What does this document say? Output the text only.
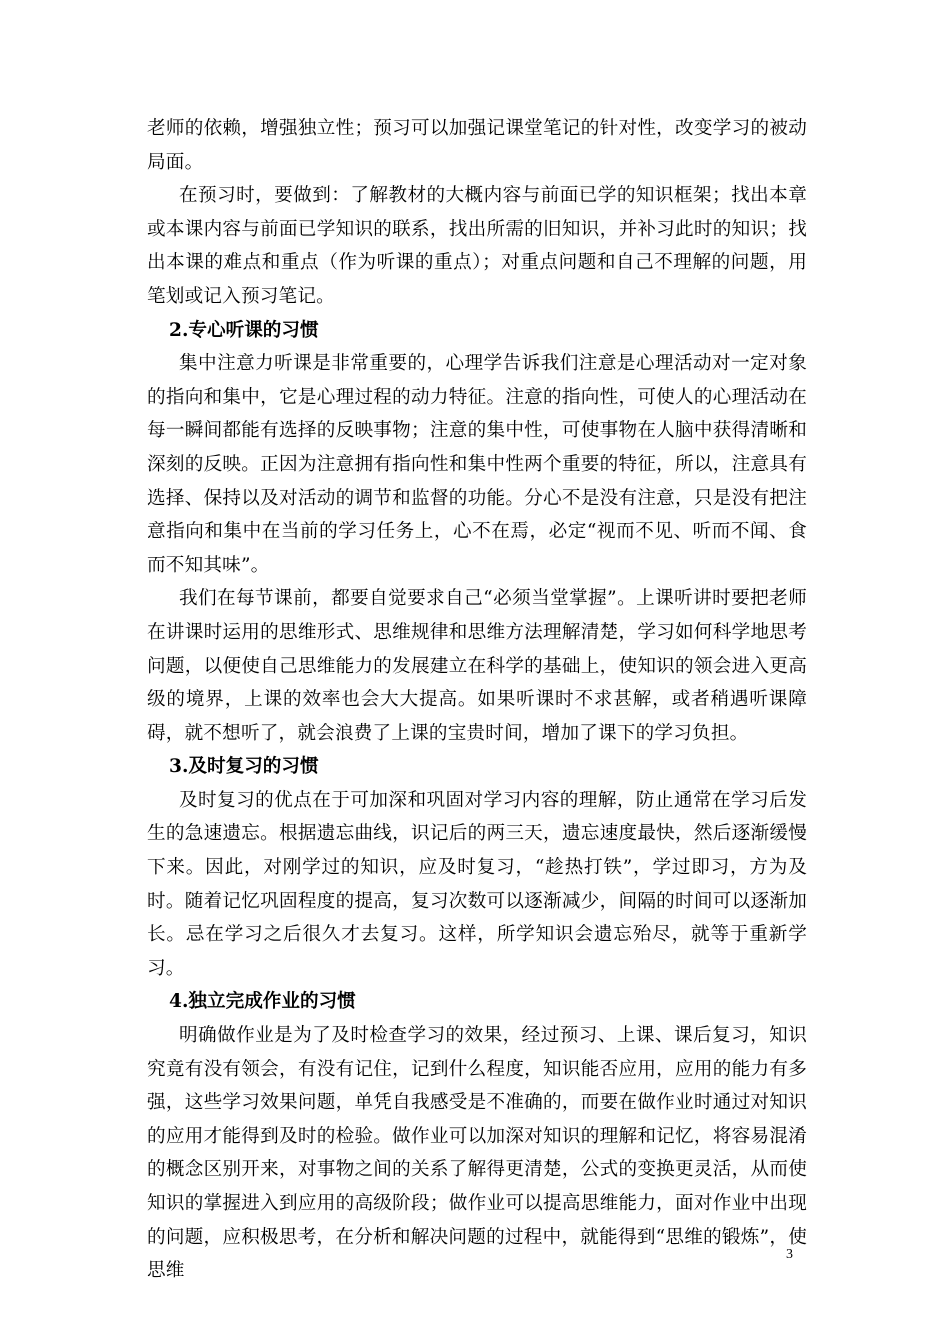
老师的依赖，增强独立性；预习可以加强记课堂笔记的针对性，改变学习的被动局面。

在预习时，要做到：了解教材的大概内容与前面已学的知识框架；找出本章或本课内容与前面已学知识的联系，找出所需的旧知识，并补习此时的知识；找出本课的难点和重点（作为听课的重点）；对重点问题和自己不理解的问题，用笔划或记入预习笔记。

2.专心听课的习惯

集中注意力听课是非常重要的，心理学告诉我们注意是心理活动对一定对象的指向和集中，它是心理过程的动力特征。注意的指向性，可使人的心理活动在每一瞬间都能有选择的反映事物；注意的集中性，可使事物在人脑中获得清晰和深刻的反映。正因为注意拥有指向性和集中性两个重要的特征，所以，注意具有选择、保持以及对活动的调节和监督的功能。分心不是没有注意，只是没有把注意指向和集中在当前的学习任务上，心不在焉，必定“视而不见、听而不闻、食而不知其味”。

我们在每节课前，都要自觉要求自己“必须当堂掌握”。上课听讲时要把老师在讲课时运用的思维形式、思维规律和思维方法理解清楚，学习如何科学地思考问题，以便使自己思维能力的发展建立在科学的基础上，使知识的领会进入更高级的境界，上课的效率也会大大提高。如果听课时不求甚解，或者稍遇听课障碍，就不想听了，就会浪费了上课的宝贵时间，增加了课下的学习负担。

3.及时复习的习惯

及时复习的优点在于可加深和巩固对学习内容的理解，防止通常在学习后发生的急速遗忘。根据遗忘曲线，识记后的两三天，遗忘速度最快，然后逐渐缓慢下来。因此，对刚学过的知识，应及时复习，“趁热打铁”，学过即习，方为及时。随着记忆巩固程度的提高，复习次数可以逐渐减少，间隔的时间可以逐渐加长。忌在学习之后很久才去复习。这样，所学知识会遗忘殆尽，就等于重新学习。

4.独立完成作业的习惯

明确做作业是为了及时检查学习的效果，经过预习、上课、课后复习，知识究竟有没有领会，有没有记住，记到什么程度，知识能否应用，应用的能力有多强，这些学习效果问题，单凭自我感受是不准确的，而要在做作业时通过对知识的应用才能得到及时的检验。做作业可以加深对知识的理解和记忆，将容易混淆的概念区别开来，对事物之间的关系了解得更清楚，公式的变换更灵活，从而使知识的掌握进入到应用的高级阶段；做作业可以提高思维能力，面对作业中出现的问题，应积极思考，在分析和解决问题的过程中，就能得到“思维的锻炼”，使思维

3
